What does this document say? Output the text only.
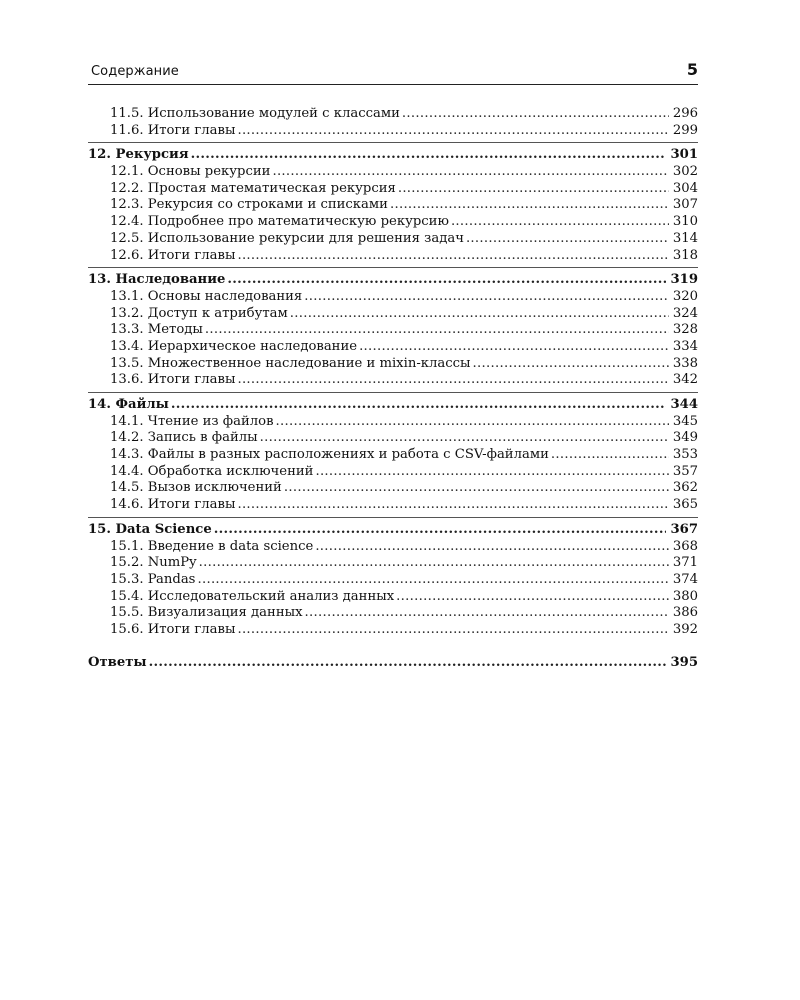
Содержание	5
11.5. Использование модулей с классами .....	296
11.6. Итоги главы .....	299
12. Рекурсия .....	301
12.1. Основы рекурсии .....	302
12.2. Простая математическая рекурсия .....	304
12.3. Рекурсия со строками и списками .....	307
12.4. Подробнее про математическую рекурсию .....	310
12.5. Использование рекурсии для решения задач .....	314
12.6. Итоги главы .....	318
13. Наследование .....	319
13.1. Основы наследования .....	320
13.2. Доступ к атрибутам .....	324
13.3. Методы .....	328
13.4. Иерархическое наследование .....	334
13.5. Множественное наследование и mixin-классы .....	338
13.6. Итоги главы .....	342
14. Файлы .....	344
14.1. Чтение из файлов .....	345
14.2. Запись в файлы .....	349
14.3. Файлы в разных расположениях и работа с CSV-файлами .....	353
14.4. Обработка исключений .....	357
14.5. Вызов исключений .....	362
14.6. Итоги главы .....	365
15. Data Science .....	367
15.1. Введение в data science .....	368
15.2. NumPy .....	371
15.3. Pandas .....	374
15.4. Исследовательский анализ данных .....	380
15.5. Визуализация данных .....	386
15.6. Итоги главы .....	392
Ответы .....	395
